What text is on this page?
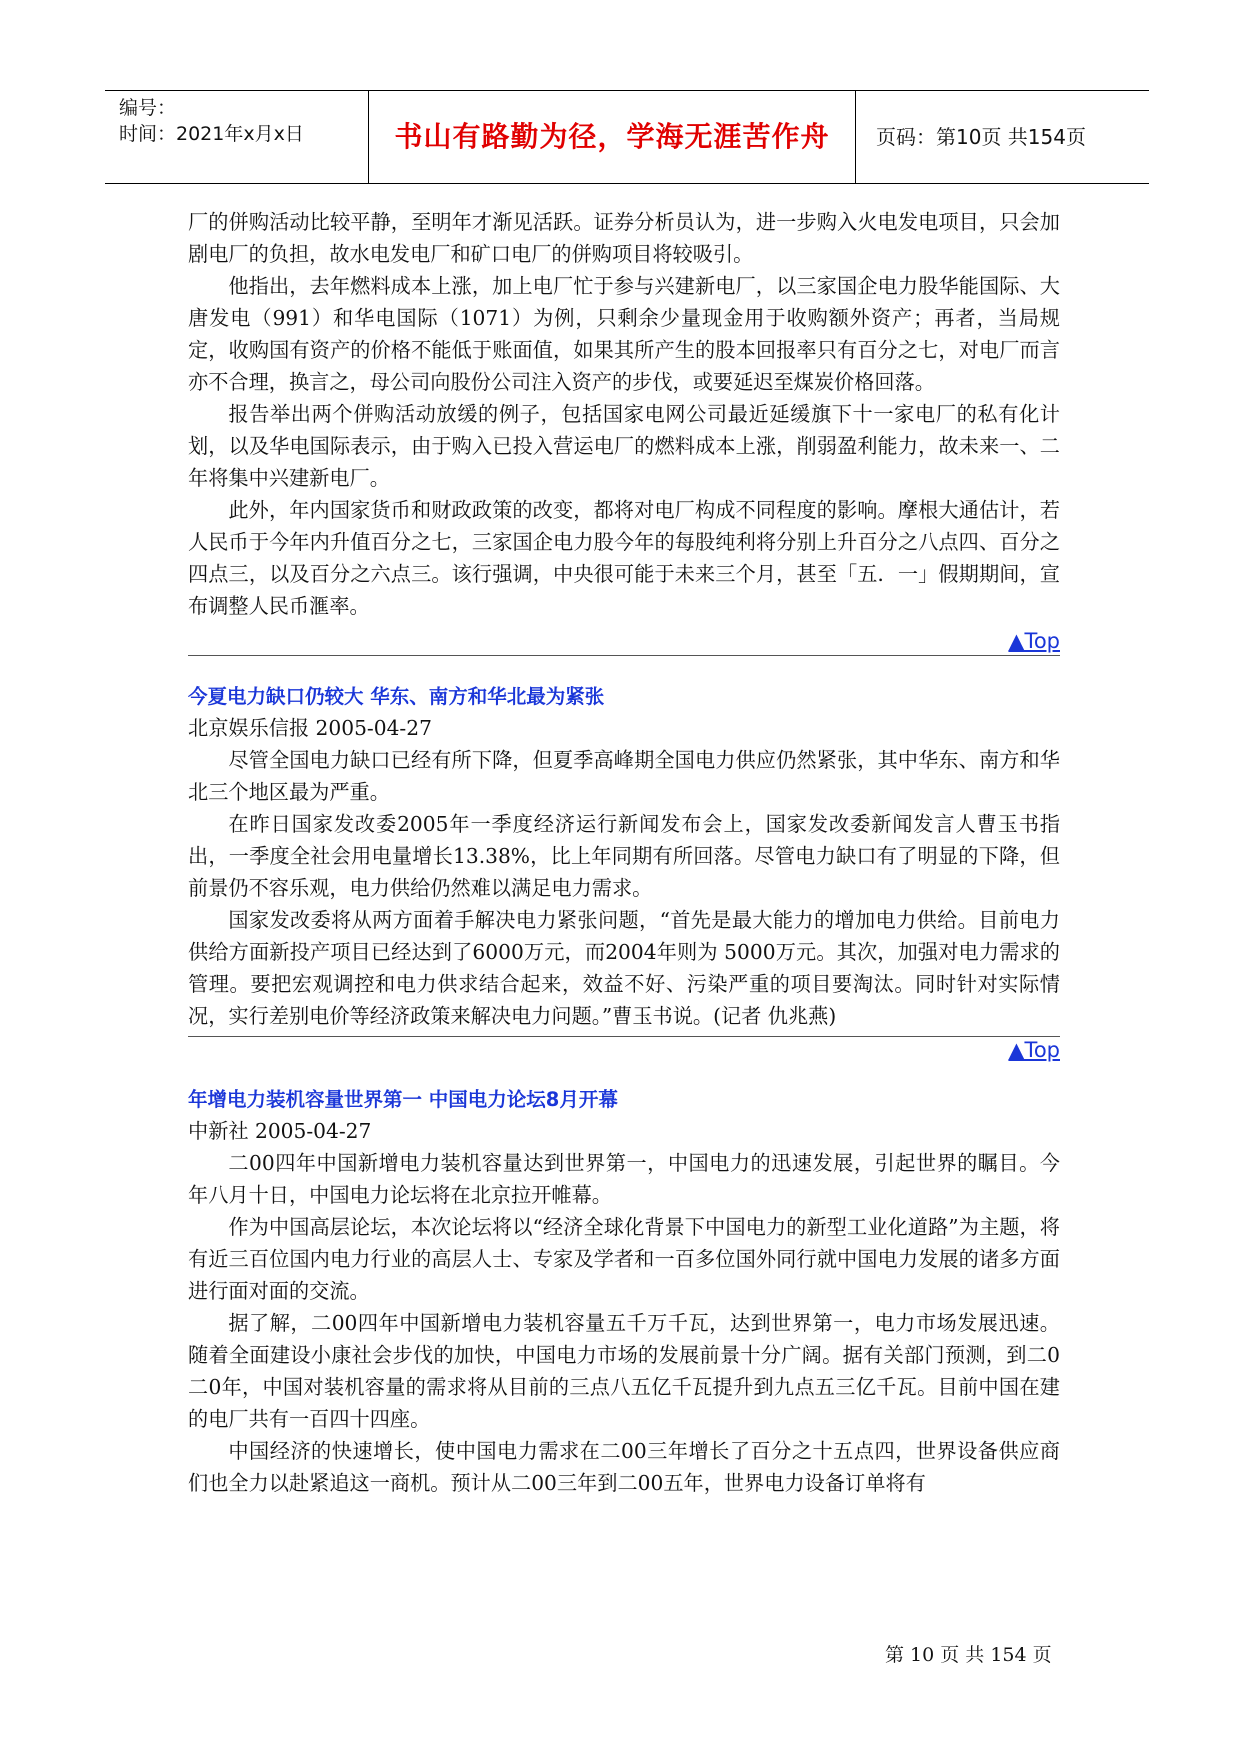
编号：
时间：2021年x月x日	书山有路勤为径，学海无涯苦作舟	页码：第10页 共154页

厂的併购活动比较平静，至明年才渐见活跃。证券分析员认为，进一步购入火电发电项目，只会加剧电厂的负担，故水电发电厂和矿口电厂的併购项目将较吸引。

他指出，去年燃料成本上涨，加上电厂忙于参与兴建新电厂，以三家国企电力股华能国际、大唐发电（991）和华电国际（1071）为例，只剩余少量现金用于收购额外资产；再者，当局规定，收购国有资产的价格不能低于账面值，如果其所产生的股本回报率只有百分之七，对电厂而言亦不合理，换言之，母公司向股份公司注入资产的步伐，或要延迟至煤炭价格回落。

报告举出两个併购活动放缓的例子，包括国家电网公司最近延缓旗下十一家电厂的私有化计划，以及华电国际表示，由于购入已投入营运电厂的燃料成本上涨，削弱盈利能力，故未来一、二年将集中兴建新电厂。

此外，年内国家货币和财政政策的改变，都将对电厂构成不同程度的影响。摩根大通估计，若人民币于今年内升值百分之七，三家国企电力股今年的每股纯利将分别上升百分之八点四、百分之四点三，以及百分之六点三。该行强调，中央很可能于未来三个月，甚至「五．一」假期期间，宣布调整人民币滙率。

▲Top
今夏电力缺口仍较大 华东、南方和华北最为紧张
北京娱乐信报 2005-04-27

尽管全国电力缺口已经有所下降，但夏季高峰期全国电力供应仍然紧张，其中华东、南方和华北三个地区最为严重。

在昨日国家发改委2005年一季度经济运行新闻发布会上，国家发改委新闻发言人曹玉书指出，一季度全社会用电量增长13.38%，比上年同期有所回落。尽管电力缺口有了明显的下降，但前景仍不容乐观，电力供给仍然难以满足电力需求。

国家发改委将从两方面着手解决电力紧张问题，“首先是最大能力的增加电力供给。目前电力供给方面新投产项目已经达到了6000万元，而2004年则为 5000万元。其次，加强对电力需求的管理。要把宏观调控和电力供求结合起来，效益不好、污染严重的项目要淘汰。同时针对实际情况，实行差别电价等经济政策来解决电力问题。”曹玉书说。(记者 仇兆燕)

▲Top
年增电力装机容量世界第一 中国电力论坛8月开幕
中新社 2005-04-27

二00四年中国新增电力装机容量达到世界第一，中国电力的迅速发展，引起世界的瞩目。今年八月十日，中国电力论坛将在北京拉开帷幕。

作为中国高层论坛，本次论坛将以“经济全球化背景下中国电力的新型工业化道路”为主题，将有近三百位国内电力行业的高层人士、专家及学者和一百多位国外同行就中国电力发展的诸多方面进行面对面的交流。

据了解，二00四年中国新增电力装机容量五千万千瓦，达到世界第一，电力市场发展迅速。随着全面建设小康社会步伐的加快，中国电力市场的发展前景十分广阔。据有关部门预测，到二0二0年，中国对装机容量的需求将从目前的三点八五亿千瓦提升到九点五三亿千瓦。目前中国在建的电厂共有一百四十四座。

中国经济的快速增长，使中国电力需求在二00三年增长了百分之十五点四，世界设备供应商们也全力以赴紧追这一商机。预计从二00三年到二00五年，世界电力设备订单将有

第 10 页 共 154 页
